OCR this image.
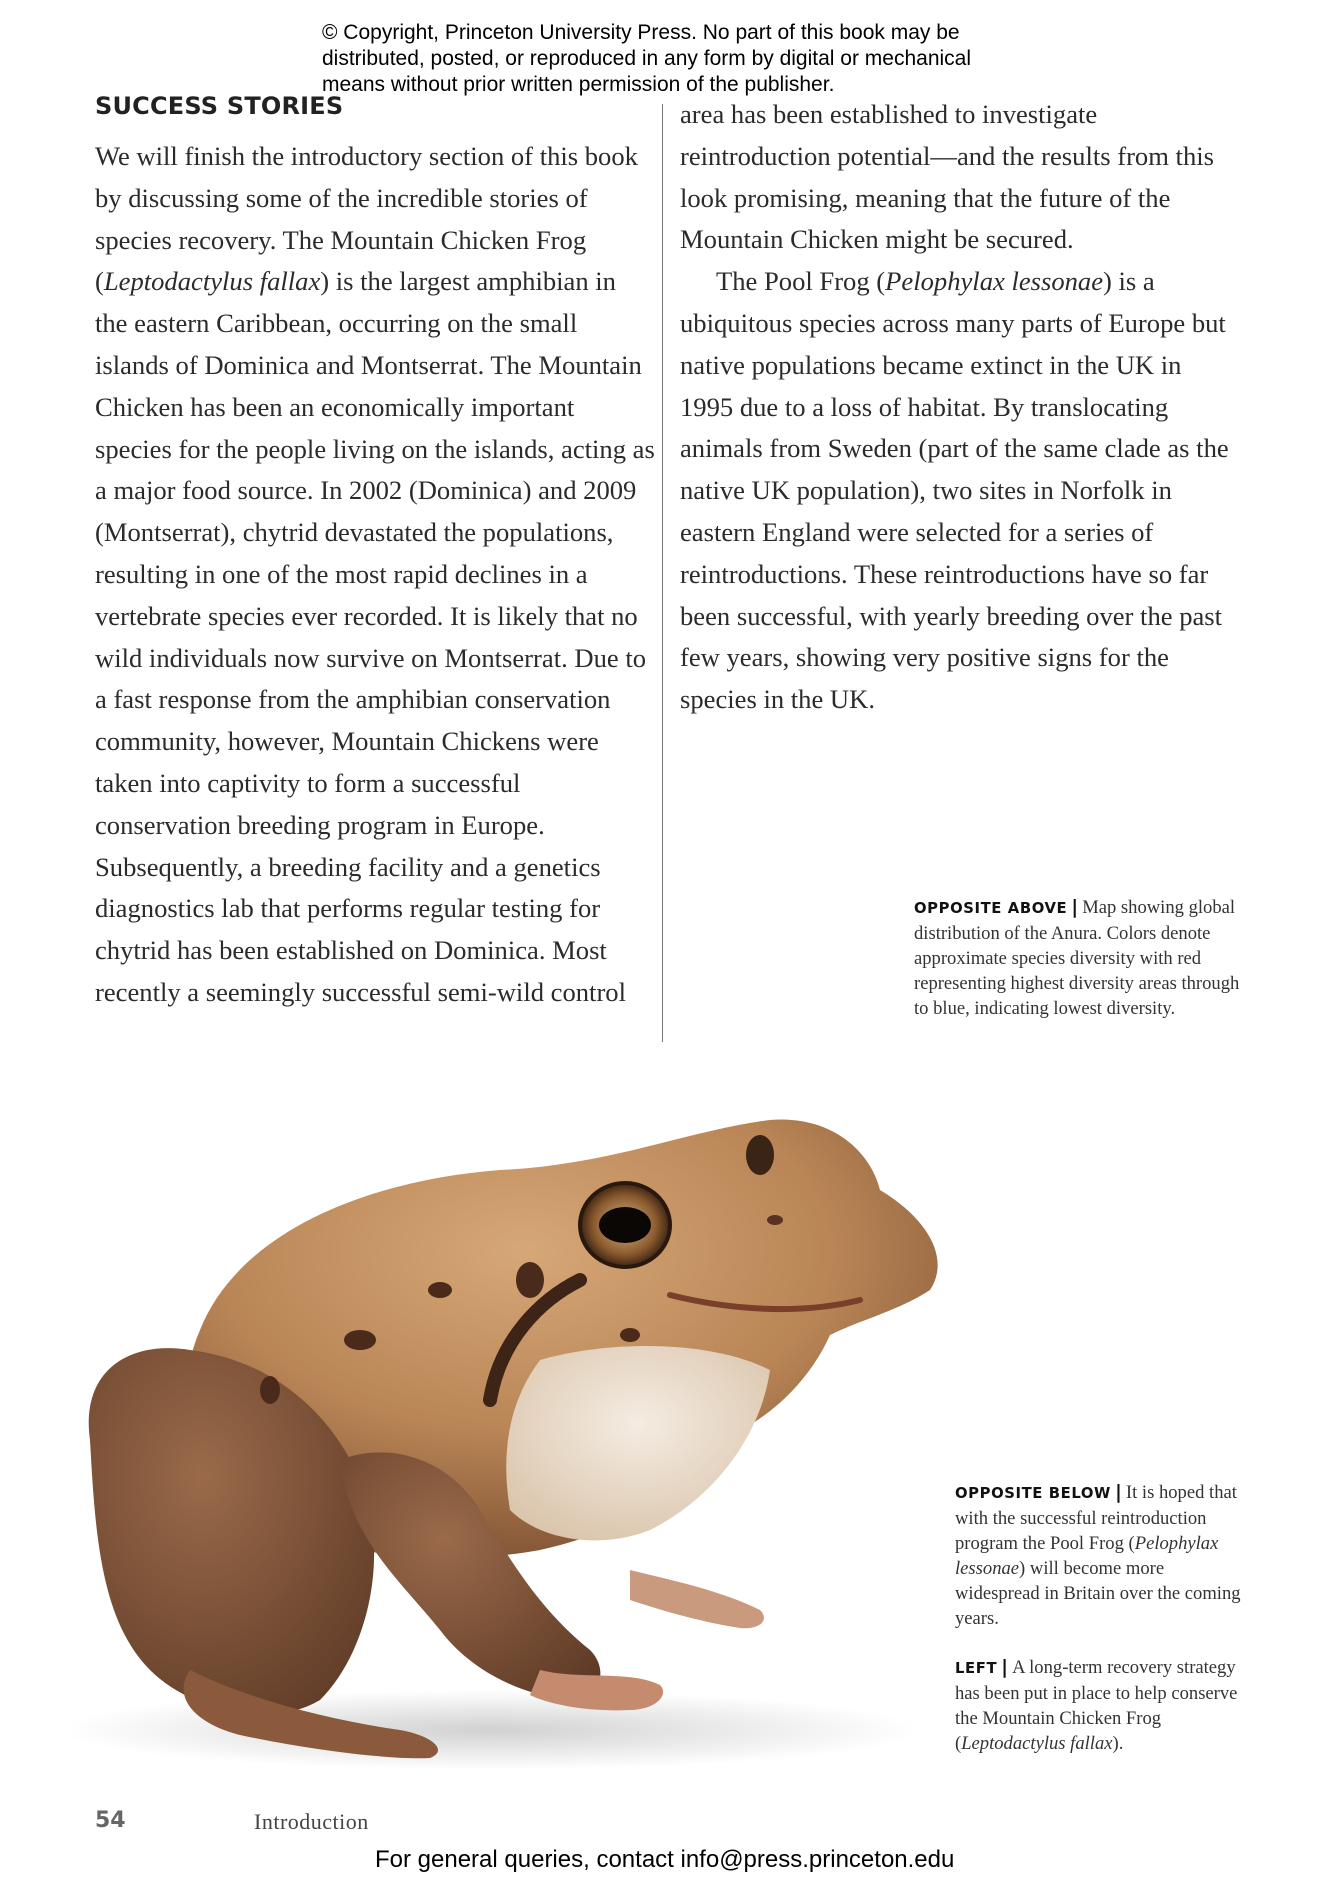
© Copyright, Princeton University Press. No part of this book may be
distributed, posted, or reproduced in any form by digital or mechanical
means without prior written permission of the publisher.

SUCCESS STORIES

We will finish the introductory section of this book by discussing some of the incredible stories of species recovery. The Mountain Chicken Frog (Leptodactylus fallax) is the largest amphibian in the eastern Caribbean, occurring on the small islands of Dominica and Montserrat. The Mountain Chicken has been an economically important species for the people living on the islands, acting as a major food source. In 2002 (Dominica) and 2009 (Montserrat), chytrid devastated the populations, resulting in one of the most rapid declines in a vertebrate species ever recorded. It is likely that no wild individuals now survive on Montserrat. Due to a fast response from the amphibian conservation community, however, Mountain Chickens were taken into captivity to form a successful conservation breeding program in Europe. Subsequently, a breeding facility and a genetics diagnostics lab that performs regular testing for chytrid has been established on Dominica. Most recently a seemingly successful semi-wild control

area has been established to investigate reintroduction potential—and the results from this look promising, meaning that the future of the Mountain Chicken might be secured.

The Pool Frog (Pelophylax lessonae) is a ubiquitous species across many parts of Europe but native populations became extinct in the UK in 1995 due to a loss of habitat. By translocating animals from Sweden (part of the same clade as the native UK population), two sites in Norfolk in eastern England were selected for a series of reintroductions. These reintroductions have so far been successful, with yearly breeding over the past few years, showing very positive signs for the species in the UK.

OPPOSITE ABOVE | Map showing global distribution of the Anura. Colors denote approximate species diversity with red representing highest diversity areas through to blue, indicating lowest diversity.

OPPOSITE BELOW | It is hoped that with the successful reintroduction program the Pool Frog (Pelophylax lessonae) will become more widespread in Britain over the coming years.

LEFT | A long-term recovery strategy has been put in place to help conserve the Mountain Chicken Frog (Leptodactylus fallax).

54	Introduction
For general queries, contact info@press.princeton.edu
